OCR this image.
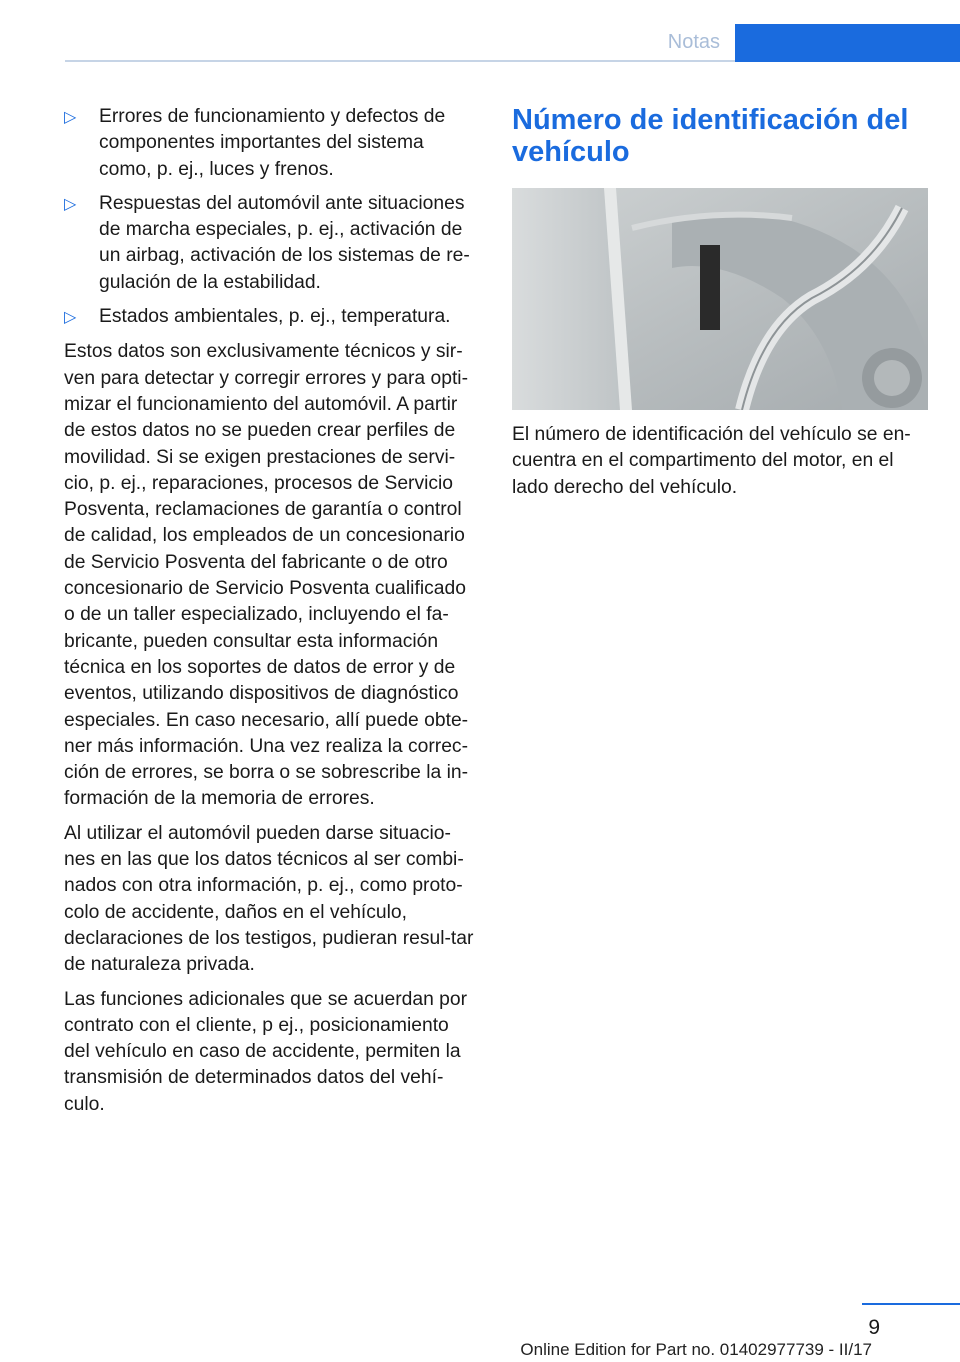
Notas
▷	Errores de funcionamiento y defectos de componentes importantes del sistema como, p. ej., luces y frenos.
▷	Respuestas del automóvil ante situaciones de marcha especiales, p. ej., activación de un airbag, activación de los sistemas de re‐gulación de la estabilidad.
▷	Estados ambientales, p. ej., temperatura.

Estos datos son exclusivamente técnicos y sir‐ven para detectar y corregir errores y para opti‐mizar el funcionamiento del automóvil. A partir de estos datos no se pueden crear perfiles de movilidad. Si se exigen prestaciones de servi‐cio, p. ej., reparaciones, procesos de Servicio Posventa, reclamaciones de garantía o control de calidad, los empleados de un concesionario de Servicio Posventa del fabricante o de otro concesionario de Servicio Posventa cualificado o de un taller especializado, incluyendo el fa‐bricante, pueden consultar esta información técnica en los soportes de datos de error y de eventos, utilizando dispositivos de diagnóstico especiales. En caso necesario, allí puede obte‐ner más información. Una vez realiza la correc‐ción de errores, se borra o se sobrescribe la in‐formación de la memoria de errores.

Al utilizar el automóvil pueden darse situacio‐nes en las que los datos técnicos al ser combi‐nados con otra información, p. ej., como proto‐colo de accidente, daños en el vehículo, declaraciones de los testigos, pudieran resul‐tar de naturaleza privada.

Las funciones adicionales que se acuerdan por contrato con el cliente, p ej., posicionamiento del vehículo en caso de accidente, permiten la transmisión de determinados datos del vehí‐culo.

Número de identificación del vehículo

El número de identificación del vehículo se en‐cuentra en el compartimento del motor, en el lado derecho del vehículo.

9
Online Edition for Part no. 01402977739 - II/17
